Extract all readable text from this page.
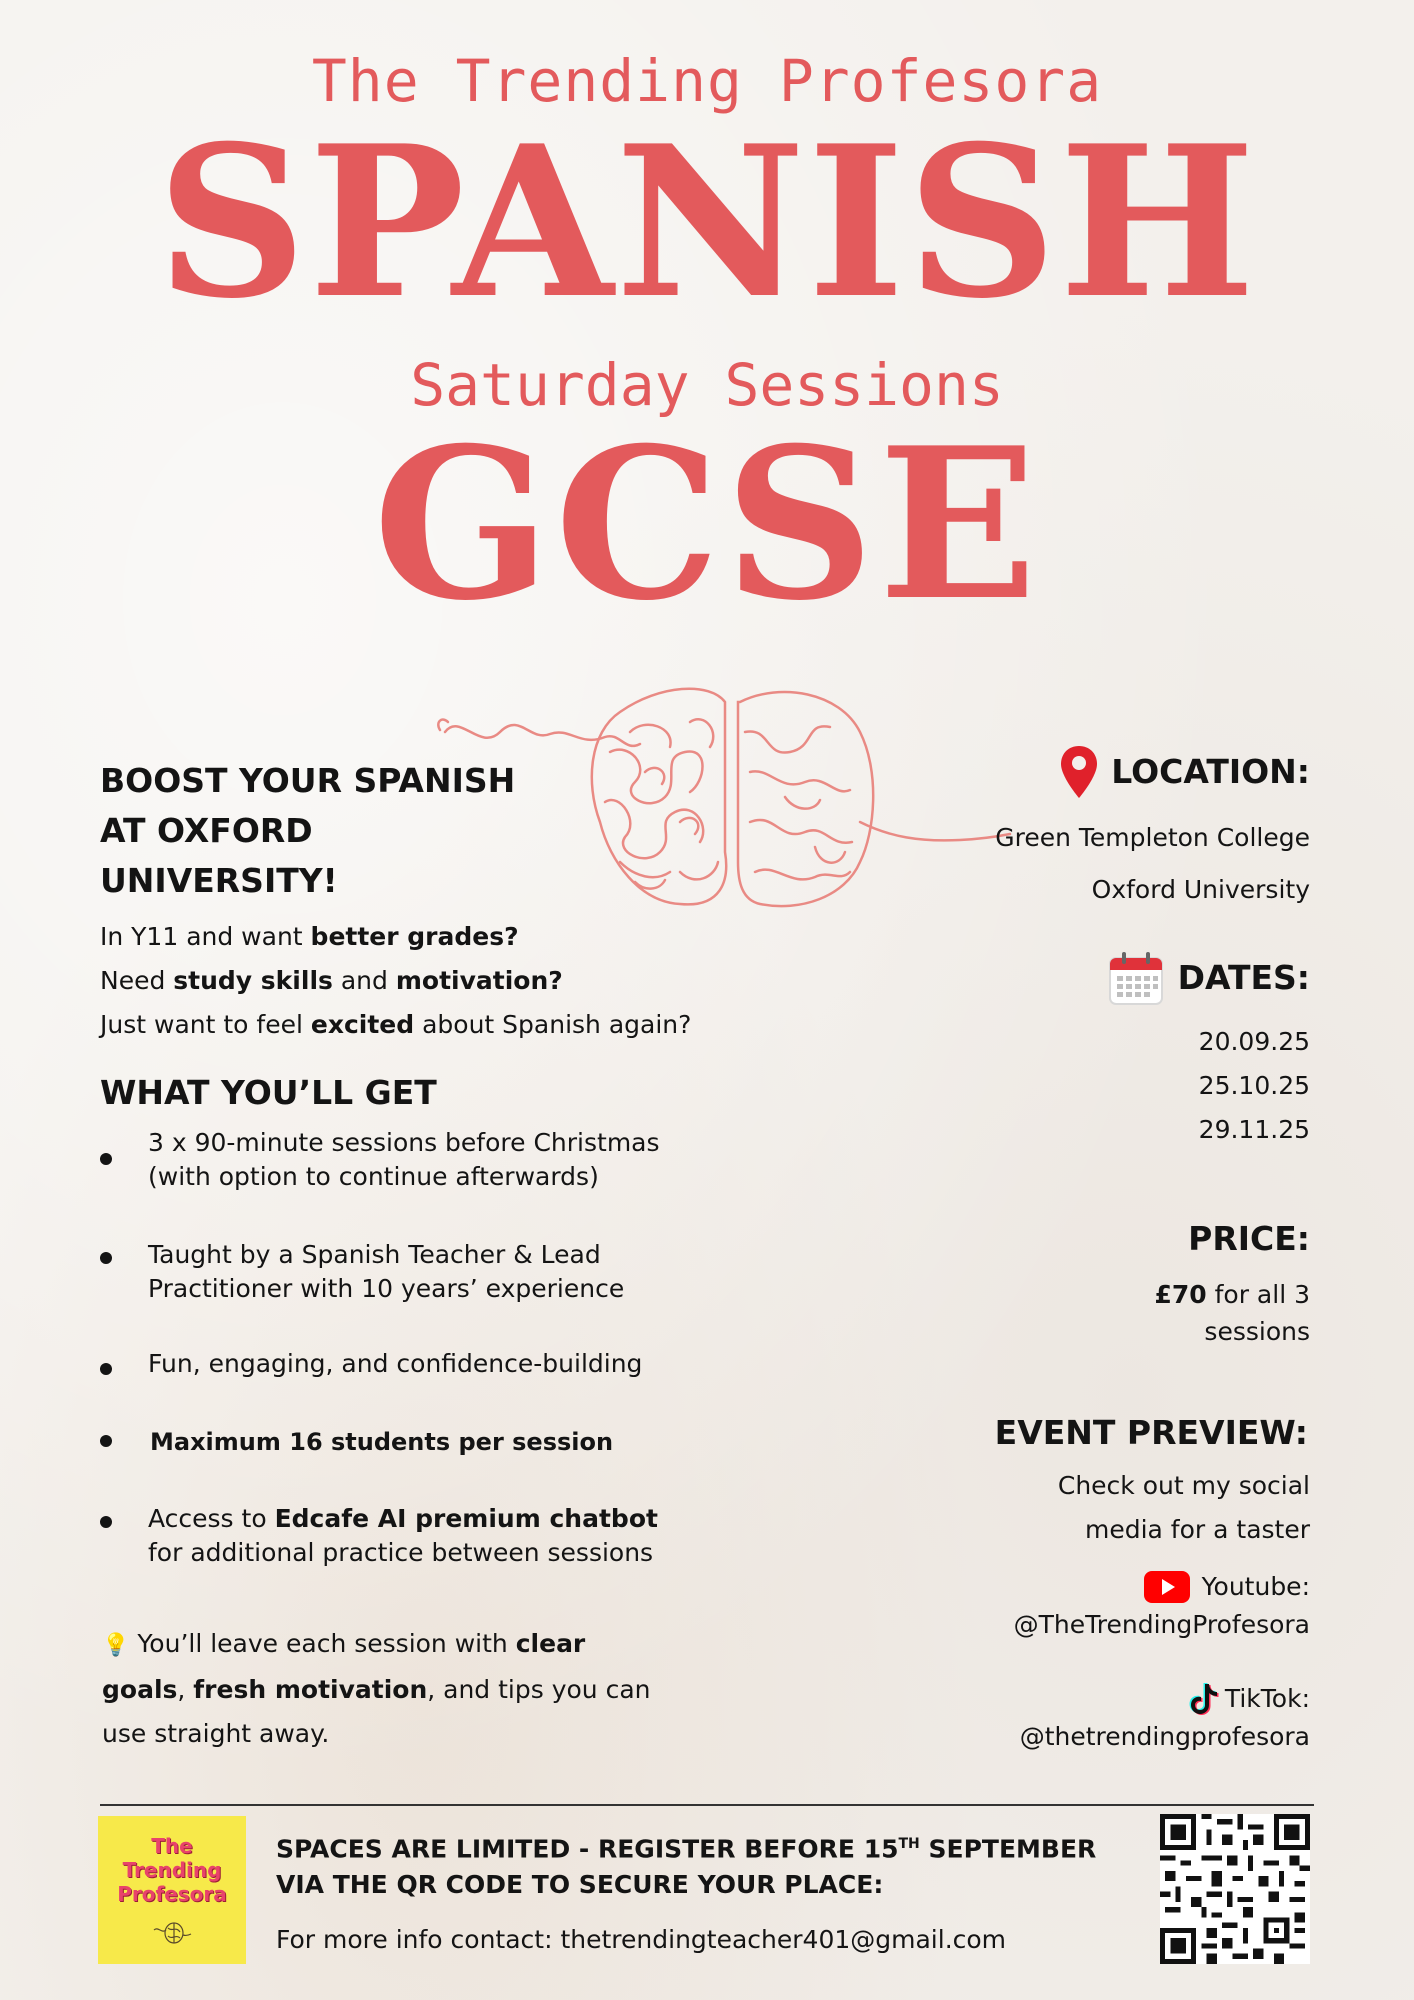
The Trending Profesora
SPANISH
Saturday Sessions
GCSE
BOOST YOUR SPANISH
AT OXFORD
UNIVERSITY!
In Y11 and want better grades?
Need study skills and motivation?
Just want to feel excited about Spanish again?
WHAT YOU’LL GET
3 x 90-minute sessions before Christmas
(with option to continue afterwards)
Taught by a Spanish Teacher & Lead
Practitioner with 10 years’ experience
Fun, engaging, and confidence-building
Maximum 16 students per session
Access to Edcafe AI premium chatbot
for additional practice between sessions
💡 You’ll leave each session with clear
goals, fresh motivation, and tips you can
use straight away.
LOCATION:
Green Templeton College
Oxford University
DATES:
20.09.25
25.10.25
29.11.25
PRICE:
£70 for all 3
sessions
EVENT PREVIEW:
Check out my social
media for a taster
Youtube:
@TheTrendingProfesora
TikTok:
@thetrendingprofesora
The
Trending
Profesora
SPACES ARE LIMITED - REGISTER BEFORE 15TH SEPTEMBER
VIA THE QR CODE TO SECURE YOUR PLACE:
For more info contact: thetrendingteacher401@gmail.com
